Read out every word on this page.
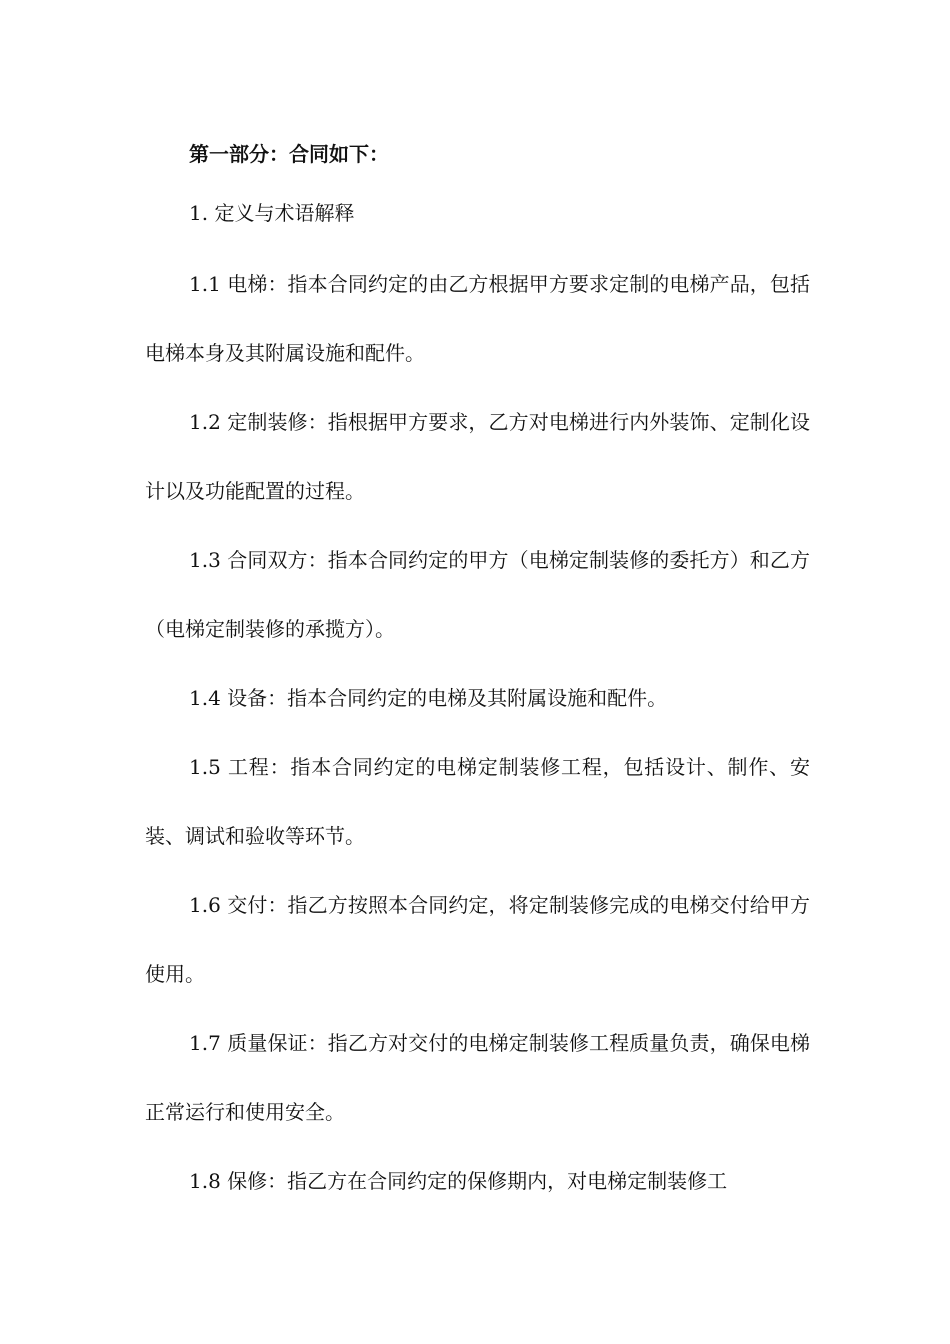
第一部分：合同如下：

1. 定义与术语解释

1.1 电梯：指本合同约定的由乙方根据甲方要求定制的电梯产品，包括电梯本身及其附属设施和配件。

1.2 定制装修：指根据甲方要求，乙方对电梯进行内外装饰、定制化设计以及功能配置的过程。

1.3 合同双方：指本合同约定的甲方（电梯定制装修的委托方）和乙方（电梯定制装修的承揽方）。

1.4 设备：指本合同约定的电梯及其附属设施和配件。

1.5 工程：指本合同约定的电梯定制装修工程，包括设计、制作、安装、调试和验收等环节。

1.6 交付：指乙方按照本合同约定，将定制装修完成的电梯交付给甲方使用。

1.7 质量保证：指乙方对交付的电梯定制装修工程质量负责，确保电梯正常运行和使用安全。

1.8 保修：指乙方在合同约定的保修期内，对电梯定制装修工
